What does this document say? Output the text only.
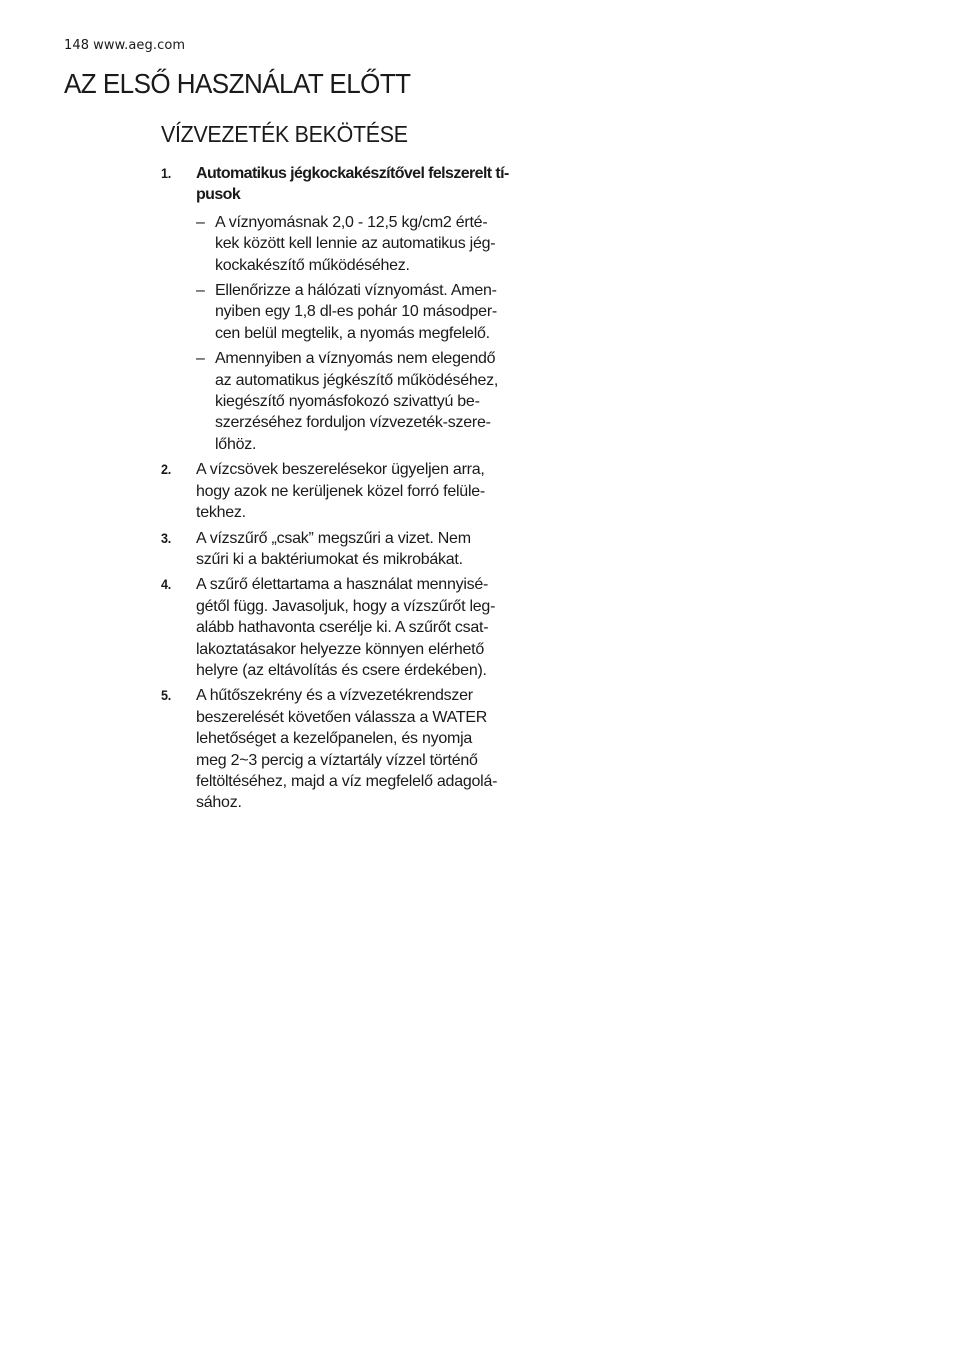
148 www.aeg.com
AZ ELSŐ HASZNÁLAT ELŐTT
VÍZVEZETÉK BEKÖTÉSE
1. Automatikus jégkockakészítővel felszerelt tí-
pusok
– A víznyomásnak 2,0 - 12,5 kg/cm2 érté-
kek között kell lennie az automatikus jég-
kockakészítő működéséhez.
– Ellenőrizze a hálózati víznyomást. Amen-
nyiben egy 1,8 dl-es pohár 10 másodper-
cen belül megtelik, a nyomás megfelelő.
– Amennyiben a víznyomás nem elegendő
az automatikus jégkészítő működéséhez,
kiegészítő nyomásfokozó szivattyú be-
szerzéséhez forduljon vízvezeték-szere-
lőhöz.
2. A vízcsövek beszerelésekor ügyeljen arra,
hogy azok ne kerüljenek közel forró felüle-
tekhez.
3. A vízszűrő „csak” megszűri a vizet. Nem
szűri ki a baktériumokat és mikrobákat.
4. A szűrő élettartama a használat mennyisé-
gétől függ. Javasoljuk, hogy a vízszűrőt leg-
alább hathavonta cserélje ki. A szűrőt csat-
lakoztatásakor helyezze könnyen elérhető
helyre (az eltávolítás és csere érdekében).
5. A hűtőszekrény és a vízvezetékrendszer
beszerelését követően válassza a WATER
lehetőséget a kezelőpanelen, és nyomja
meg 2~3 percig a víztartály vízzel történő
feltöltéséhez, majd a víz megfelelő adagolá-
sához.
